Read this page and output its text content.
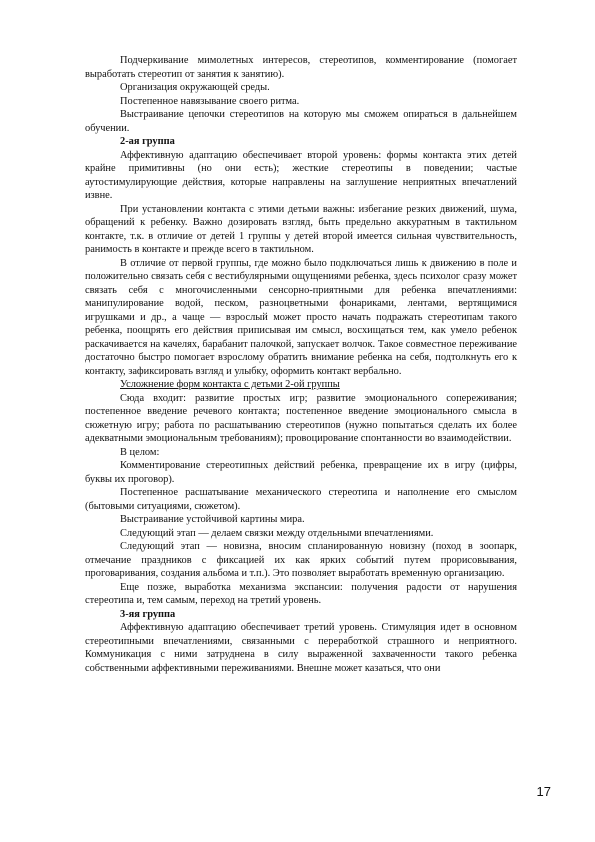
Подчеркивание мимолетных интересов, стереотипов, комментирование (помогает выработать стереотип от занятия к занятию).

Организация окружающей среды.

Постепенное навязывание своего ритма.

Выстраивание цепочки стереотипов на которую мы сможем опираться в дальнейшем обучении.

2-ая группа

Аффективную адаптацию обеспечивает второй уровень: формы контакта этих детей крайне примитивны (но они есть); жесткие стереотипы в поведении; частые аутостимулирующие действия, которые направлены на заглушение неприятных впечатлений извне.

При установлении контакта с этими детьми важны: избегание резких движений, шума, обращений к ребенку. Важно дозировать взгляд, быть предельно аккуратным в тактильном контакте, т.к. в отличие от детей 1 группы у детей второй имеется сильная чувствительность, ранимость в контакте и прежде всего в тактильном.

В отличие от первой группы, где можно было подключаться лишь к движению в поле и положительно связать себя с вестибулярными ощущениями ребенка, здесь психолог сразу может связать себя с многочисленными сенсорно-приятными для ребенка впечатлениями: манипулирование водой, песком, разноцветными фонариками, лентами, вертящимися игрушками и др., а чаще — взрослый может просто начать подражать стереотипам такого ребенка, поощрять его действия приписывая им смысл, восхищаться тем, как умело ребенок раскачивается на качелях, барабанит палочкой, запускает волчок. Такое совместное переживание достаточно быстро помогает взрослому обратить внимание ребенка на себя, подтолкнуть его к контакту, зафиксировать взгляд и улыбку, оформить контакт вербально.

Усложнение форм контакта с детьми 2-ой группы

Сюда входит: развитие простых игр; развитие эмоционального сопереживания; постепенное введение речевого контакта; постепенное введение эмоционального смысла в сюжетную игру; работа по расшатыванию стереотипов (нужно попытаться сделать их более адекватными эмоциональным требованиям); провоцирование спонтанности во взаимодействии.

В целом:

Комментирование стереотипных действий ребенка, превращение их в игру (цифры, буквы их проговор).

Постепенное расшатывание механического стереотипа и наполнение его смыслом (бытовыми ситуациями, сюжетом).

Выстраивание устойчивой картины мира.

Следующий этап — делаем связки между отдельными впечатлениями.

Следующий этап — новизна, вносим спланированную новизну (поход в зоопарк, отмечание праздников с фиксацией их как ярких событий путем прорисовывания, проговаривания, создания альбома и т.п.). Это позволяет выработать временную организацию.

Еще позже, выработка механизма экспансии: получения радости от нарушения стереотипа и, тем самым, переход на третий уровень.

3-яя группа

Аффективную адаптацию обеспечивает третий уровень. Стимуляция идет в основном стереотипными впечатлениями, связанными с переработкой страшного и неприятного. Коммуникация с ними затруднена в силу выраженной захваченности такого ребенка собственными аффективными переживаниями. Внешне может казаться, что они

17
